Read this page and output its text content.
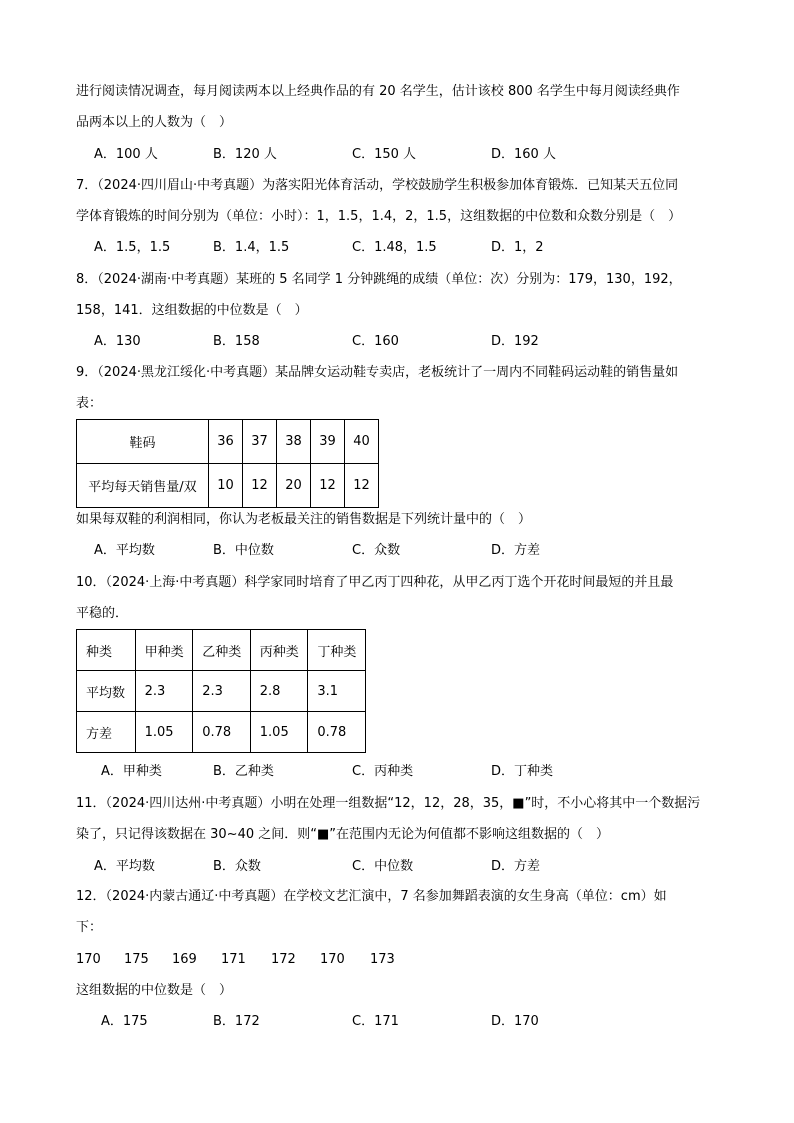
进行阅读情况调查，每月阅读两本以上经典作品的有 20 名学生，估计该校 800 名学生中每月阅读经典作
品两本以上的人数为（　）
A．100 人	B．120 人	C．150 人	D．160 人
7．（2024·四川眉山·中考真题）为落实阳光体育活动，学校鼓励学生积极参加体育锻炼．已知某天五位同
学体育锻炼的时间分别为（单位：小时）：1，1.5，1.4，2，1.5，这组数据的中位数和众数分别是（　）
A．1.5，1.5	B．1.4，1.5	C．1.48，1.5	D．1，2
8．（2024·湖南·中考真题）某班的 5 名同学 1 分钟跳绳的成绩（单位：次）分别为：179，130，192，
158，141．这组数据的中位数是（　）
A．130	B．158	C．160	D．192
9．（2024·黑龙江绥化·中考真题）某品牌女运动鞋专卖店，老板统计了一周内不同鞋码运动鞋的销售量如
表：
鞋码	36	37	38	39	40
平均每天销售量/双	10	12	20	12	12
如果每双鞋的利润相同，你认为老板最关注的销售数据是下列统计量中的（　）
A．平均数	B．中位数	C．众数	D．方差
10．（2024·上海·中考真题）科学家同时培育了甲乙丙丁四种花，从甲乙丙丁选个开花时间最短的并且最
平稳的．
种类	甲种类	乙种类	丙种类	丁种类
平均数	2.3	2.3	2.8	3.1
方差	1.05	0.78	1.05	0.78
A．甲种类	B．乙种类	C．丙种类	D．丁种类
11．（2024·四川达州·中考真题）小明在处理一组数据“12，12，28，35，■”时，不小心将其中一个数据污
染了，只记得该数据在 30~40 之间．则“■”在范围内无论为何值都不影响这组数据的（　）
A．平均数	B．众数	C．中位数	D．方差
12．（2024·内蒙古通辽·中考真题）在学校文艺汇演中，7 名参加舞蹈表演的女生身高（单位：cm）如
下：
170 175 169 171 172 170 173
这组数据的中位数是（　）
A．175	B．172	C．171	D．170
